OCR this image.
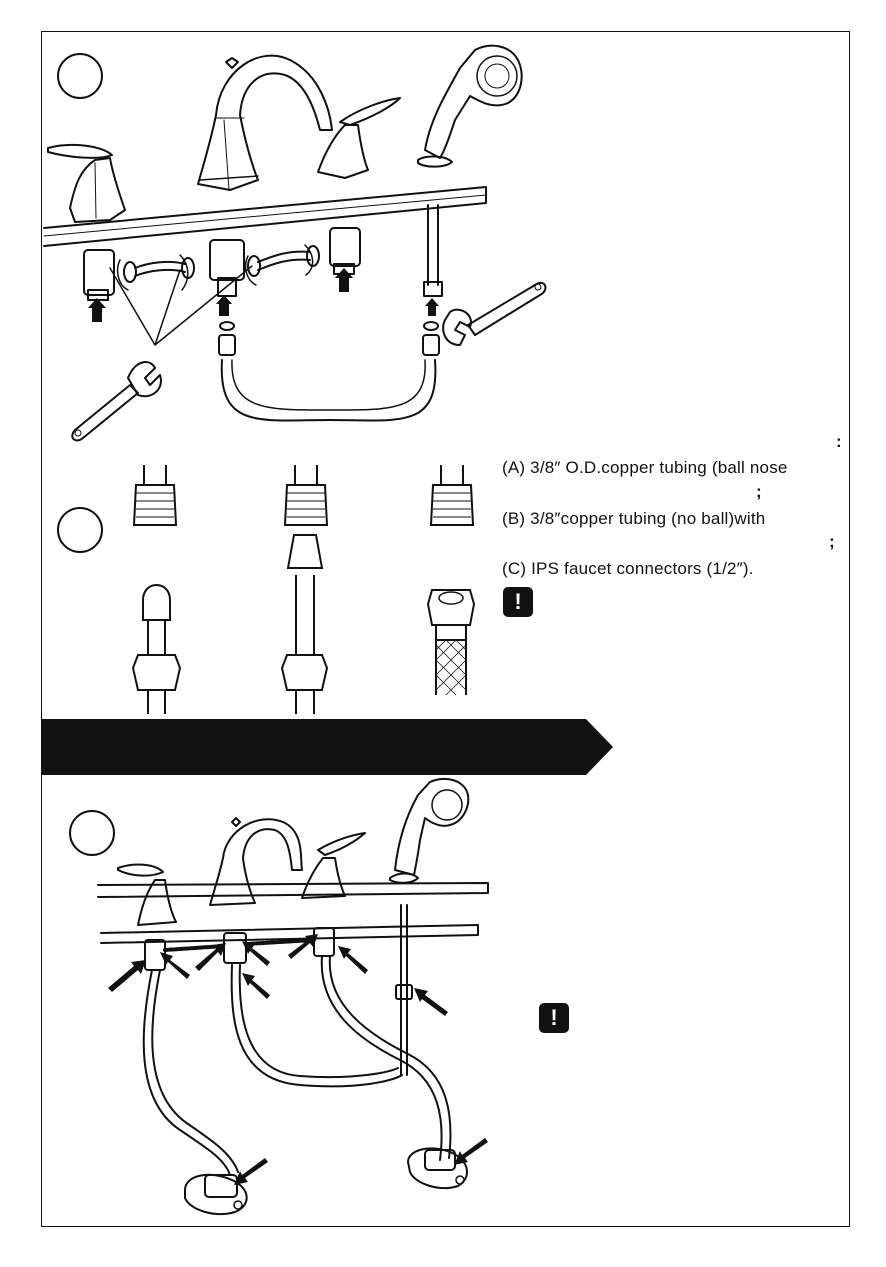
:
(A) 3/8″ O.D.copper tubing (ball nose
;
(B) 3/8″copper tubing (no ball)with
;
(C) IPS faucet connectors (1/2″).
!
!
